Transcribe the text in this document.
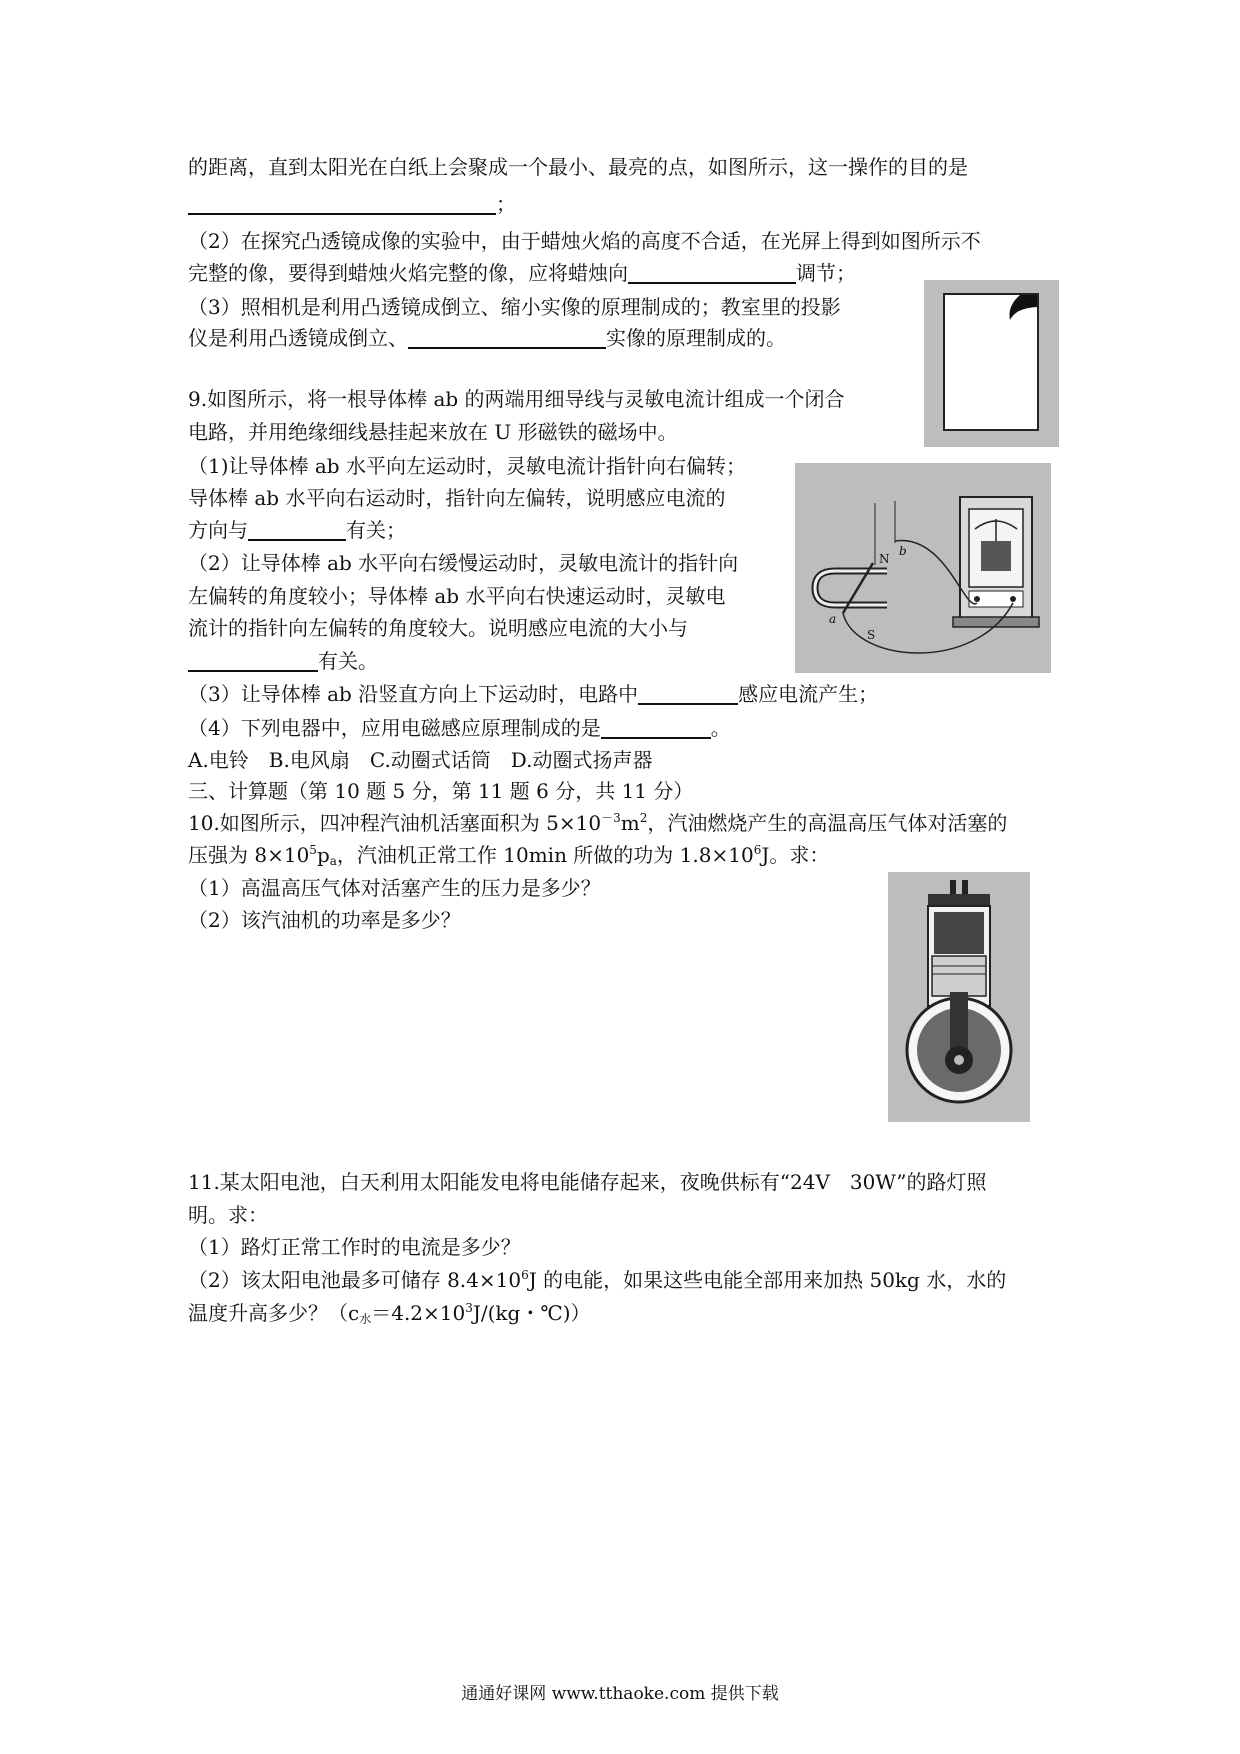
的距离，直到太阳光在白纸上会聚成一个最小、最亮的点，如图所示，这一操作的目的是
；
（2）在探究凸透镜成像的实验中，由于蜡烛火焰的高度不合适，在光屏上得到如图所示不
完整的像，要得到蜡烛火焰完整的像，应将蜡烛向	调节；
（3）照相机是利用凸透镜成倒立、缩小实像的原理制成的；教室里的投影
仪是利用凸透镜成倒立、	实像的原理制成的。
9.如图所示，将一根导体棒 ab 的两端用细导线与灵敏电流计组成一个闭合
电路，并用绝缘细线悬挂起来放在 U 形磁铁的磁场中。
（1)让导体棒 ab 水平向左运动时，灵敏电流计指针向右偏转；
导体棒 ab 水平向右运动时，指针向左偏转，说明感应电流的
方向与	有关；
（2）让导体棒 ab 水平向右缓慢运动时，灵敏电流计的指针向
左偏转的角度较小；导体棒 ab 水平向右快速运动时，灵敏电
流计的指针向左偏转的角度较大。说明感应电流的大小与
有关。
N
b
S
a
（3）让导体棒 ab 沿竖直方向上下运动时，电路中	感应电流产生；
（4）下列电器中，应用电磁感应原理制成的是	。
A.电铃　B.电风扇　C.动圈式话筒　D.动圈式扬声器
三、计算题（第 10 题 5 分，第 11 题 6 分，共 11 分）
10.如图所示，四冲程汽油机活塞面积为 $5\times 10^{-3}m^2$，汽油燃烧产生的高温高压气体对活塞的
压强为 $8\times 10^5p_a$，汽油机正常工作 10min 所做的功为 $1.8\times 10^6J$。求：
（1）高温高压气体对活塞产生的压力是多少？
（2）该汽油机的功率是多少？
11.某太阳电池，白天利用太阳能发电将电能储存起来，夜晚供标有“24V　30W”的路灯照
明。求：
（1）路灯正常工作时的电流是多少？
（2）该太阳电池最多可储存 $8.4\times 10^6J$ 的电能，如果这些电能全部用来加热 50kg 水，水的
温度升高多少？（$c_水=4.2\times 10^3J/(kg$・℃)）
通通好课网 www.tthaoke.com 提供下载
